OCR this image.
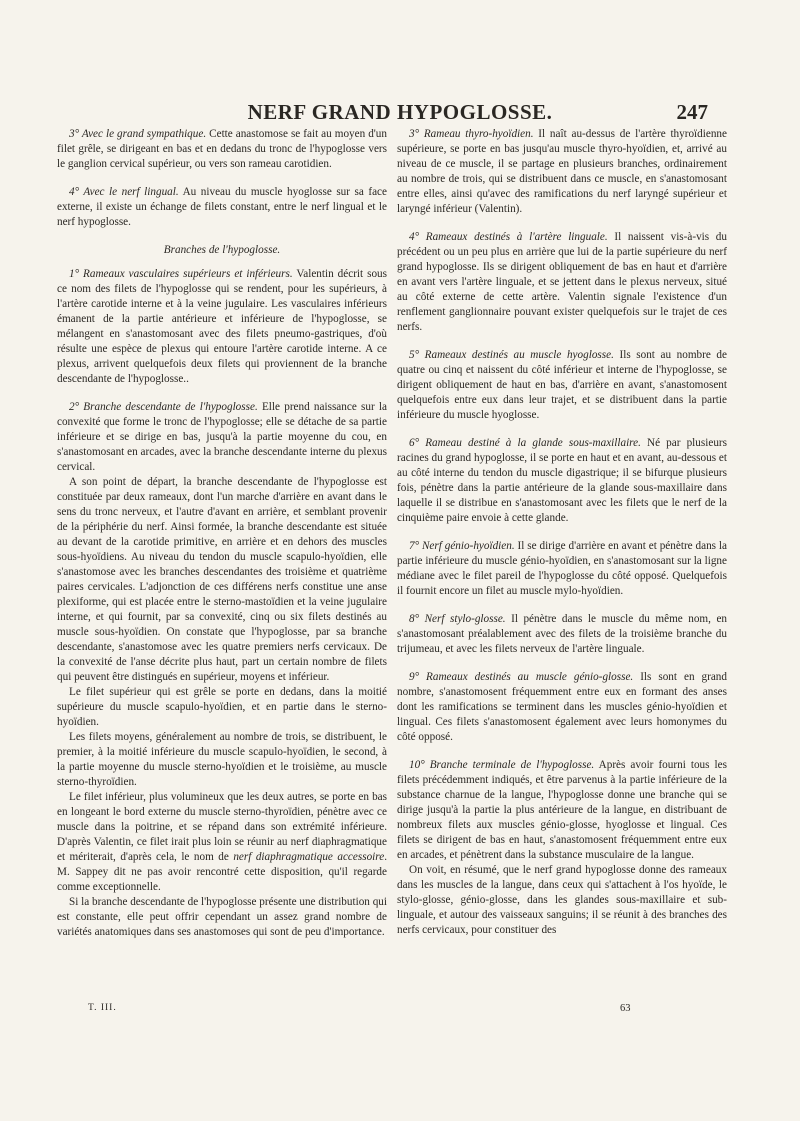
NERF GRAND HYPOGLOSSE.	247

3° Avec le grand sympathique. Cette anastomose se fait au moyen d'un filet grêle, se dirigeant en bas et en dedans du tronc de l'hypoglosse vers le ganglion cervical supérieur, ou vers son rameau carotidien.

4° Avec le nerf lingual. Au niveau du muscle hyoglosse sur sa face externe, il existe un échange de filets constant, entre le nerf lingual et le nerf hypoglosse.

Branches de l'hypoglosse.

1° Rameaux vasculaires supérieurs et inférieurs. Valentin décrit sous ce nom des filets de l'hypoglosse qui se rendent, pour les supérieurs, à l'artère carotide interne et à la veine jugulaire. Les vasculaires inférieurs émanent de la partie antérieure et inférieure de l'hypoglosse, se mélangent en s'anastomosant avec des filets pneumo-gastriques, d'où résulte une espèce de plexus qui entoure l'artère carotide interne. A ce plexus, arrivent quelquefois deux filets qui proviennent de la branche descendante de l'hypoglosse..

2° Branche descendante de l'hypoglosse. Elle prend naissance sur la convexité que forme le tronc de l'hypoglosse; elle se détache de sa partie inférieure et se dirige en bas, jusqu'à la partie moyenne du cou, en s'anastomosant en arcades, avec la branche descendante interne du plexus cervical.

A son point de départ, la branche descendante de l'hypoglosse est constituée par deux rameaux, dont l'un marche d'arrière en avant dans le sens du tronc nerveux, et l'autre d'avant en arrière, et semblant provenir de la périphérie du nerf. Ainsi formée, la branche descendante est située au devant de la carotide primitive, en arrière et en dehors des muscles sous-hyoïdiens. Au niveau du tendon du muscle scapulo-hyoïdien, elle s'anastomose avec les branches descendantes des troisième et quatrième paires cervicales. L'adjonction de ces différens nerfs constitue une anse plexiforme, qui est placée entre le sterno-mastoïdien et la veine jugulaire interne, et qui fournit, par sa convexité, cinq ou six filets destinés au muscle sous-hyoïdien. On constate que l'hypoglosse, par sa branche descendante, s'anastomose avec les quatre premiers nerfs cervicaux. De la convexité de l'anse décrite plus haut, part un certain nombre de filets qui peuvent être distingués en supérieur, moyens et inférieur.

Le filet supérieur qui est grêle se porte en dedans, dans la moitié supérieure du muscle scapulo-hyoïdien, et en partie dans le sterno-hyoïdien.

Les filets moyens, généralement au nombre de trois, se distribuent, le premier, à la moitié inférieure du muscle scapulo-hyoïdien, le second, à la partie moyenne du muscle sterno-hyoïdien et le troisième, au muscle sterno-thyroïdien.

Le filet inférieur, plus volumineux que les deux autres, se porte en bas en longeant le bord externe du muscle sterno-thyroïdien, pénètre avec ce muscle dans la poitrine, et se répand dans son extrémité inférieure. D'après Valentin, ce filet irait plus loin se réunir au nerf diaphragmatique et mériterait, d'après cela, le nom de nerf diaphragmatique accessoire. M. Sappey dit ne pas avoir rencontré cette disposition, qu'il regarde comme exceptionnelle.

Si la branche descendante de l'hypoglosse présente une distribution qui est constante, elle peut offrir cependant un assez grand nombre de variétés anatomiques dans ses anastomoses qui sont de peu d'importance.

3° Rameau thyro-hyoïdien. Il naît au-dessus de l'artère thyroïdienne supérieure, se porte en bas jusqu'au muscle thyro-hyoïdien, et, arrivé au niveau de ce muscle, il se partage en plusieurs branches, ordinairement au nombre de trois, qui se distribuent dans ce muscle, en s'anastomosant entre elles, ainsi qu'avec des ramifications du nerf laryngé supérieur et laryngé inférieur (Valentin).

4° Rameaux destinés à l'artère linguale. Il naissent vis-à-vis du précédent ou un peu plus en arrière que lui de la partie supérieure du nerf grand hypoglosse. Ils se dirigent obliquement de bas en haut et d'arrière en avant vers l'artère linguale, et se jettent dans le plexus nerveux, situé au côté externe de cette artère. Valentin signale l'existence d'un renflement ganglionnaire pouvant exister quelquefois sur le trajet de ces nerfs.

5° Rameaux destinés au muscle hyoglosse. Ils sont au nombre de quatre ou cinq et naissent du côté inférieur et interne de l'hypoglosse, se dirigent obliquement de haut en bas, d'arrière en avant, s'anastomosent quelquefois entre eux dans leur trajet, et se distribuent dans la partie inférieure du muscle hyoglosse.

6° Rameau destiné à la glande sous-maxillaire. Né par plusieurs racines du grand hypoglosse, il se porte en haut et en avant, au-dessous et au côté interne du tendon du muscle digastrique; il se bifurque plusieurs fois, pénètre dans la partie antérieure de la glande sous-maxillaire dans laquelle il se distribue en s'anastomosant avec les filets que le nerf de la cinquième paire envoie à cette glande.

7° Nerf génio-hyoïdien. Il se dirige d'arrière en avant et pénètre dans la partie inférieure du muscle génio-hyoïdien, en s'anastomosant sur la ligne médiane avec le filet pareil de l'hypoglosse du côté opposé. Quelquefois il fournit encore un filet au muscle mylo-hyoïdien.

8° Nerf stylo-glosse. Il pénètre dans le muscle du même nom, en s'anastomosant préalablement avec des filets de la troisième branche du trijumeau, et avec les filets nerveux de l'artère linguale.

9° Rameaux destinés au muscle génio-glosse. Ils sont en grand nombre, s'anastomosent fréquemment entre eux en formant des anses dont les ramifications se terminent dans les muscles génio-hyoïdien et lingual. Ces filets s'anastomosent également avec leurs homonymes du côté opposé.

10° Branche terminale de l'hypoglosse. Après avoir fourni tous les filets précédemment indiqués, et être parvenus à la partie inférieure de la substance charnue de la langue, l'hypoglosse donne une branche qui se dirige jusqu'à la partie la plus antérieure de la langue, en distribuant de nombreux filets aux muscles génio-glosse, hyoglosse et lingual. Ces filets se dirigent de bas en haut, s'anastomosent fréquemment entre eux en arcades, et pénètrent dans la substance musculaire de la langue.

On voit, en résumé, que le nerf grand hypoglosse donne des rameaux dans les muscles de la langue, dans ceux qui s'attachent à l'os hyoïde, le stylo-glosse, génio-glosse, dans les glandes sous-maxillaire et sub-linguale, et autour des vaisseaux sanguins; il se réunit à des branches des nerfs cervicaux, pour constituer des

T. III.	63
